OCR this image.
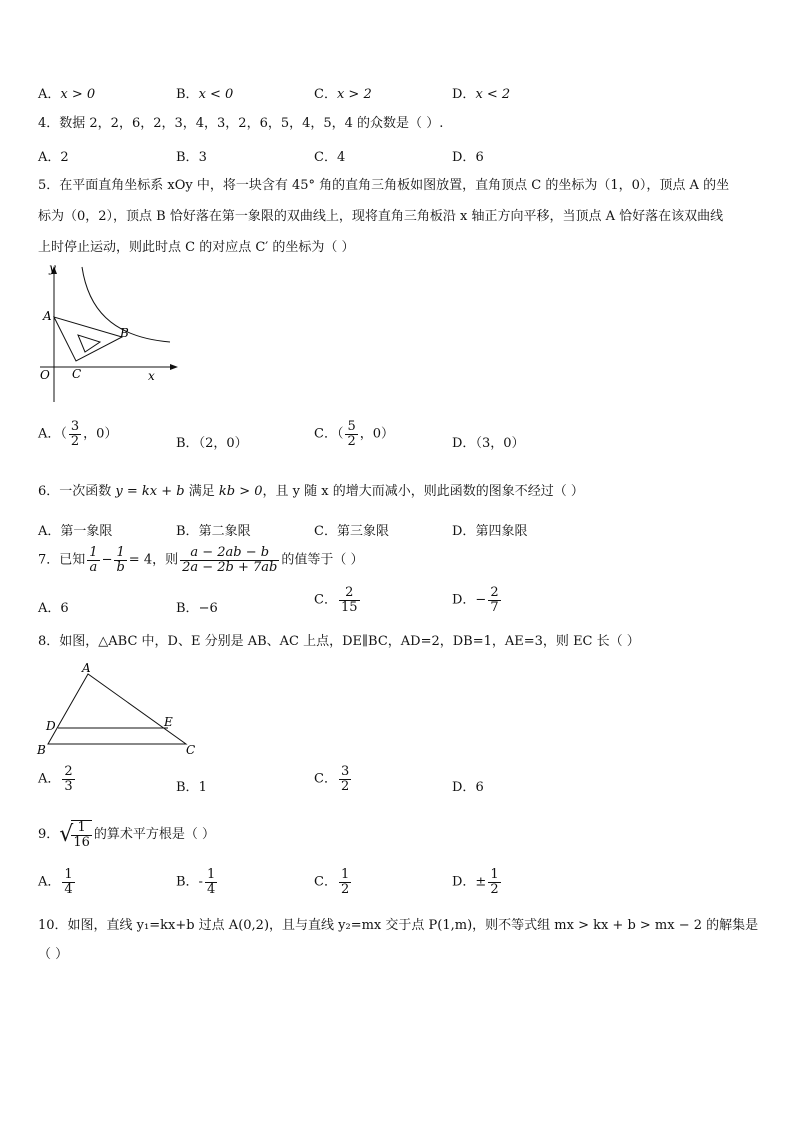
A．x > 0	B．x < 0	C．x > 2	D．x < 2
4．数据 2，2，6，2，3，4，3，2，6，5，4，5，4 的众数是（ ）.
A．2	B．3	C．4	D．6
5．在平面直角坐标系 xOy 中，将一块含有 45° 角的直角三角板如图放置，直角顶点 C 的坐标为（1，0），顶点 A 的坐
标为（0，2），顶点 B 恰好落在第一象限的双曲线上，现将直角三角板沿 x 轴正方向平移，当顶点 A 恰好落在该双曲线
上时停止运动，则此时点 C 的对应点 C′ 的坐标为（ ）
y
x
O
A
B
C
A．（ $\frac{3}{2}$ ，0）
B．（2，0）
C．（ $\frac{5}{2}$ ，0）
D．（3，0）
6．一次函数 y = kx + b 满足 kb > 0，且 y 随 x 的增大而减小，则此函数的图象不经过（ ）
A．第一象限	B．第二象限	C．第三象限	D．第四象限
7．已知 $\frac{1}{a} - \frac{1}{b} = 4$，则 $\frac{a - 2ab - b}{2a - 2b + 7ab}$ 的值等于（ ）
A．6	B．−6
C． $\frac{2}{15}$	D．− $\frac{2}{7}$
8．如图，△ABC 中，D、E 分别是 AB、AC 上点，DE∥BC，AD=2，DB=1，AE=3，则 EC 长（ ）
A
B	C
D	E
A． $\frac{2}{3}$	B．1
C． $\frac{3}{2}$	D．6
9．√
$\frac{1}{16}$ 的算术平方根是（ ）
A． $\frac{1}{4}$	B．- $\frac{1}{4}$	C． $\frac{1}{2}$	D．± $\frac{1}{2}$
10．如图，直线 y₁=kx+b 过点 A(0,2)，且与直线 y₂=mx 交于点 P(1,m)，则不等式组 mx > kx + b > mx − 2 的解集是
（ ）
